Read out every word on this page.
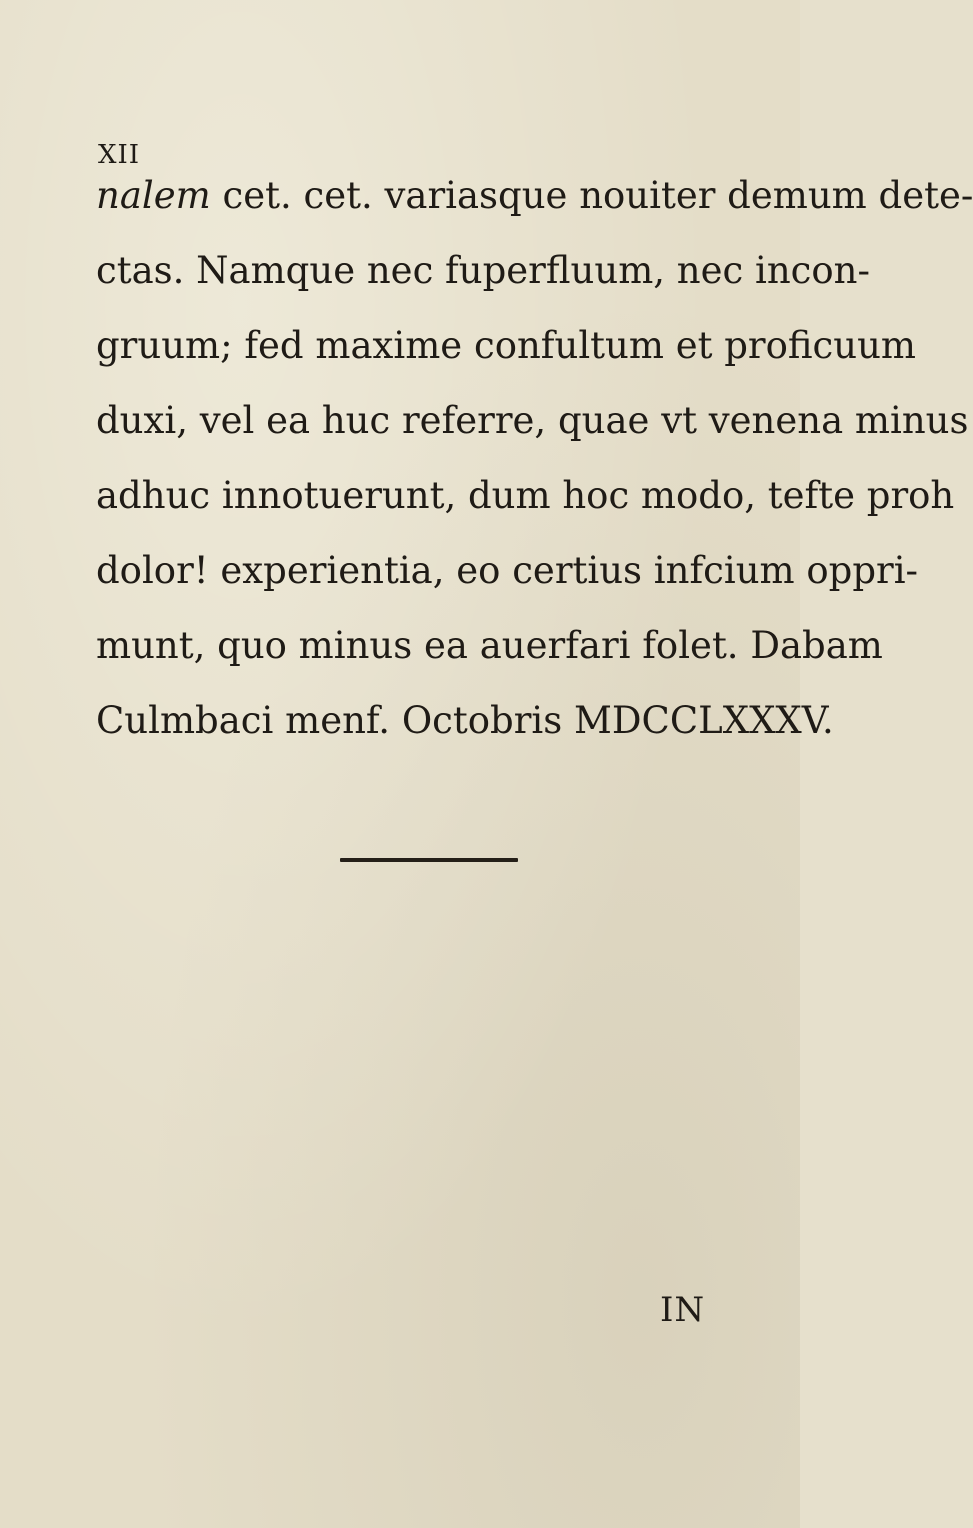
XII
nalem cet. cet. variasque nouiter demum dete-
ctas. Namque nec fuperfluum, nec incon-
gruum; fed maxime confultum et proficuum
duxi, vel ea huc referre, quae vt venena minus
adhuc innotuerunt, dum hoc modo, tefte proh
dolor! experientia, eo certius infcium oppri-
munt, quo minus ea auerfari folet. Dabam
Culmbaci menf. Octobris MDCCLXXXV.
IN
